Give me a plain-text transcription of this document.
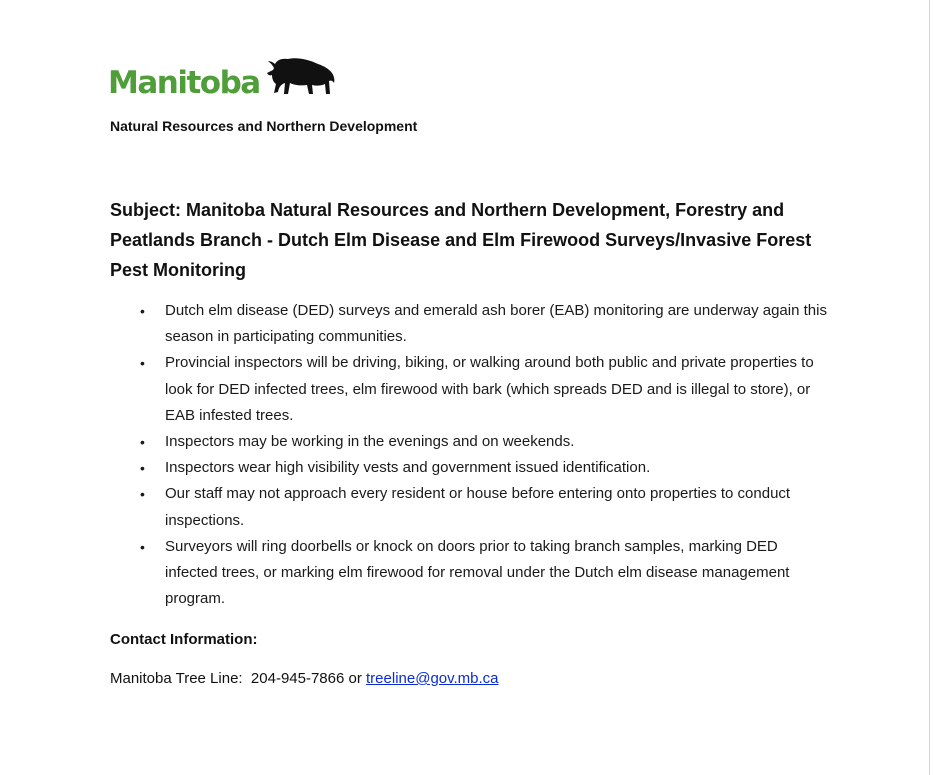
Manitoba
Natural Resources and Northern Development
Subject: Manitoba Natural Resources and Northern Development, Forestry and Peatlands Branch - Dutch Elm Disease and Elm Firewood Surveys/Invasive Forest Pest Monitoring
• Dutch elm disease (DED) surveys and emerald ash borer (EAB) monitoring are underway again this season in participating communities.
• Provincial inspectors will be driving, biking, or walking around both public and private properties to look for DED infected trees, elm firewood with bark (which spreads DED and is illegal to store), or EAB infested trees.
• Inspectors may be working in the evenings and on weekends.
• Inspectors wear high visibility vests and government issued identification.
• Our staff may not approach every resident or house before entering onto properties to conduct inspections.
• Surveyors will ring doorbells or knock on doors prior to taking branch samples, marking DED infected trees, or marking elm firewood for removal under the Dutch elm disease management program.
Contact Information:
Manitoba Tree Line:  204-945-7866 or treeline@gov.mb.ca
